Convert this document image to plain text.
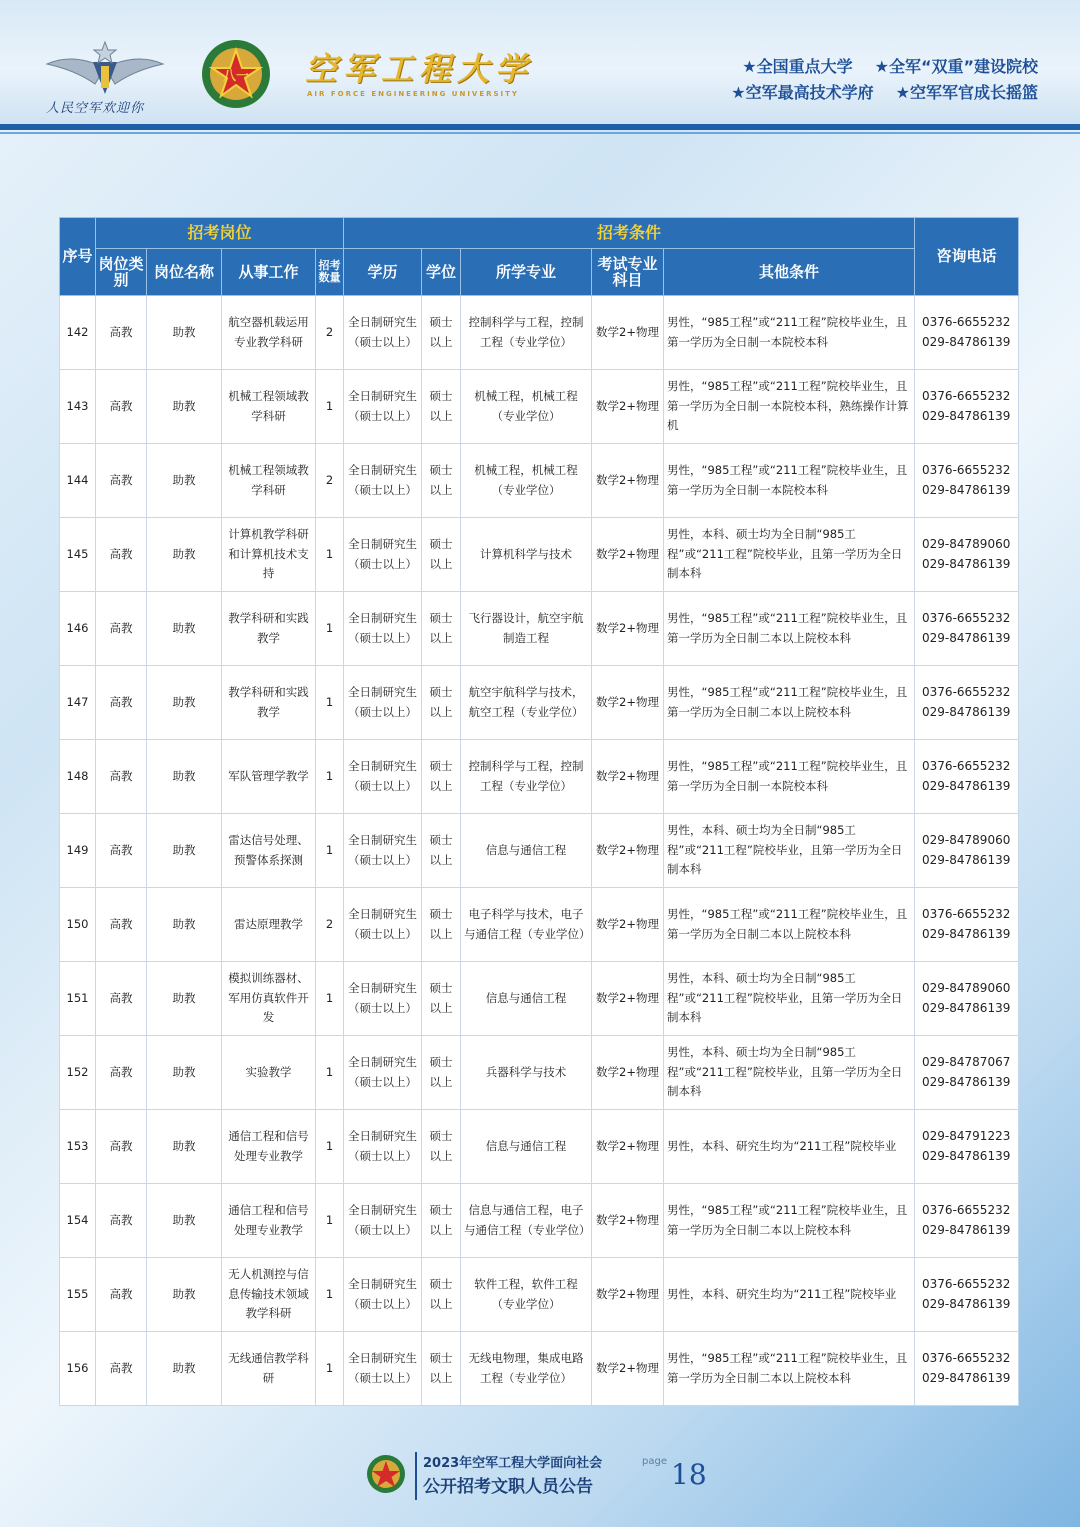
人民空军欢迎你
八一 空军工程大学
AIR FORCE ENGINEERING UNIVERSITY
★全国重点大学 ★全军“双重”建设院校
★空军最高技术学府 ★空军军官成长摇篮
序号	招考岗位				招考条件					咨询电话
	岗位类别	岗位名称	从事工作	招考数量	学历	学位	所学专业	考试专业科目	其他条件	
142	高教	助教	航空器机载运用专业教学科研	2	全日制研究生（硕士以上）	硕士以上	控制科学与工程，控制工程（专业学位）	数学2+物理	男性，“985工程”或“211工程”院校毕业生，且第一学历为全日制一本院校本科	0376-6655232
029-84786139

143	高教	助教	机械工程领域教学科研	1	全日制研究生（硕士以上）	硕士以上	机械工程，机械工程（专业学位）	数学2+物理	男性，“985工程”或“211工程”院校毕业生，且第一学历为全日制一本院校本科，熟练操作计算机	0376-6655232
029-84786139

144	高教	助教	机械工程领域教学科研	2	全日制研究生（硕士以上）	硕士以上	机械工程，机械工程（专业学位）	数学2+物理	男性，“985工程”或“211工程”院校毕业生，且第一学历为全日制一本院校本科	0376-6655232
029-84786139

145	高教	助教	计算机教学科研和计算机技术支持	1	全日制研究生（硕士以上）	硕士以上	计算机科学与技术	数学2+物理	男性，本科、硕士均为全日制“985工程”或“211工程”院校毕业，且第一学历为全日制本科	029-84789060
029-84786139

146	高教	助教	教学科研和实践教学	1	全日制研究生（硕士以上）	硕士以上	飞行器设计，航空宇航制造工程	数学2+物理	男性，“985工程”或“211工程”院校毕业生，且第一学历为全日制二本以上院校本科	0376-6655232
029-84786139

147	高教	助教	教学科研和实践教学	1	全日制研究生（硕士以上）	硕士以上	航空宇航科学与技术，航空工程（专业学位）	数学2+物理	男性，“985工程”或“211工程”院校毕业生，且第一学历为全日制二本以上院校本科	0376-6655232
029-84786139

148	高教	助教	军队管理学教学	1	全日制研究生（硕士以上）	硕士以上	控制科学与工程，控制工程（专业学位）	数学2+物理	男性，“985工程”或“211工程”院校毕业生，且第一学历为全日制一本院校本科	0376-6655232
029-84786139

149	高教	助教	雷达信号处理、预警体系探测	1	全日制研究生（硕士以上）	硕士以上	信息与通信工程	数学2+物理	男性，本科、硕士均为全日制“985工程”或“211工程”院校毕业，且第一学历为全日制本科	029-84789060
029-84786139

150	高教	助教	雷达原理教学	2	全日制研究生（硕士以上）	硕士以上	电子科学与技术，电子与通信工程（专业学位）	数学2+物理	男性，“985工程”或“211工程”院校毕业生，且第一学历为全日制二本以上院校本科	0376-6655232
029-84786139

151	高教	助教	模拟训练器材、军用仿真软件开发	1	全日制研究生（硕士以上）	硕士以上	信息与通信工程	数学2+物理	男性，本科、硕士均为全日制“985工程”或“211工程”院校毕业，且第一学历为全日制本科	029-84789060
029-84786139

152	高教	助教	实验教学	1	全日制研究生（硕士以上）	硕士以上	兵器科学与技术	数学2+物理	男性，本科、硕士均为全日制“985工程”或“211工程”院校毕业，且第一学历为全日制本科	029-84787067
029-84786139

153	高教	助教	通信工程和信号处理专业教学	1	全日制研究生（硕士以上）	硕士以上	信息与通信工程	数学2+物理	男性，本科、研究生均为“211工程”院校毕业	029-84791223
029-84786139

154	高教	助教	通信工程和信号处理专业教学	1	全日制研究生（硕士以上）	硕士以上	信息与通信工程，电子与通信工程（专业学位）	数学2+物理	男性，“985工程”或“211工程”院校毕业生，且第一学历为全日制二本以上院校本科	0376-6655232
029-84786139

155	高教	助教	无人机测控与信息传输技术领域教学科研	1	全日制研究生（硕士以上）	硕士以上	软件工程，软件工程（专业学位）	数学2+物理	男性，本科、研究生均为“211工程”院校毕业	0376-6655232
029-84786139

156	高教	助教	无线通信教学科研	1	全日制研究生（硕士以上）	硕士以上	无线电物理，集成电路工程（专业学位）	数学2+物理	男性，“985工程”或“211工程”院校毕业生，且第一学历为全日制二本以上院校本科	0376-6655232
029-84786139
2023年空军工程大学面向社会
公开招考文职人员公告
page 18
